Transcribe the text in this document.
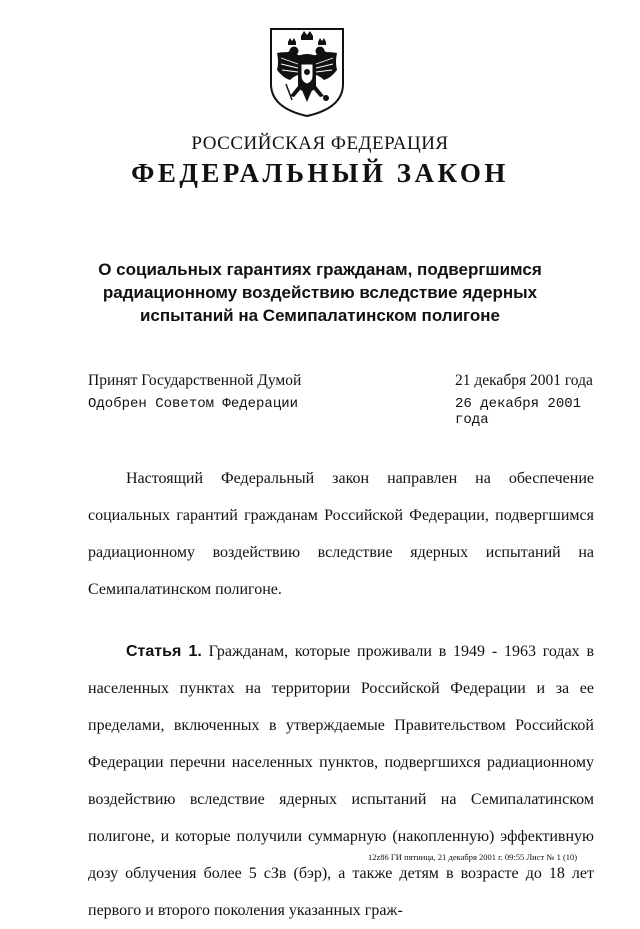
РОССИЙСКАЯ ФЕДЕРАЦИЯ
ФЕДЕРАЛЬНЫЙ ЗАКОН
О социальных гарантиях гражданам, подвергшимся
радиационному воздействию вследствие ядерных
испытаний на Семипалатинском полигоне
Принят Государственной Думой	21 декабря 2001 года
Одобрен Советом Федерации	26 декабря 2001 года

Настоящий Федеральный закон направлен на обеспечение социальных гарантий гражданам Российской Федерации, подвергшимся радиационному воздействию вследствие ядерных испытаний на Семипалатинском полигоне.

Статья 1. Гражданам, которые проживали в 1949 - 1963 годах в населенных пунктах на территории Российской Федерации и за ее пределами, включенных в утверждаемые Правительством Российской Федерации перечни населенных пунктов, подвергшихся радиационному воздействию вследствие ядерных испытаний на Семипалатинском полигоне, и которые получили суммарную (накопленную) эффективную дозу облучения более 5 сЗв (бэр), а также детям в возрасте до 18 лет первого и второго поколения указанных граж-

12z86 ГИ пятница, 21 декабря 2001 г. 09:55 Лист № 1 (10)
